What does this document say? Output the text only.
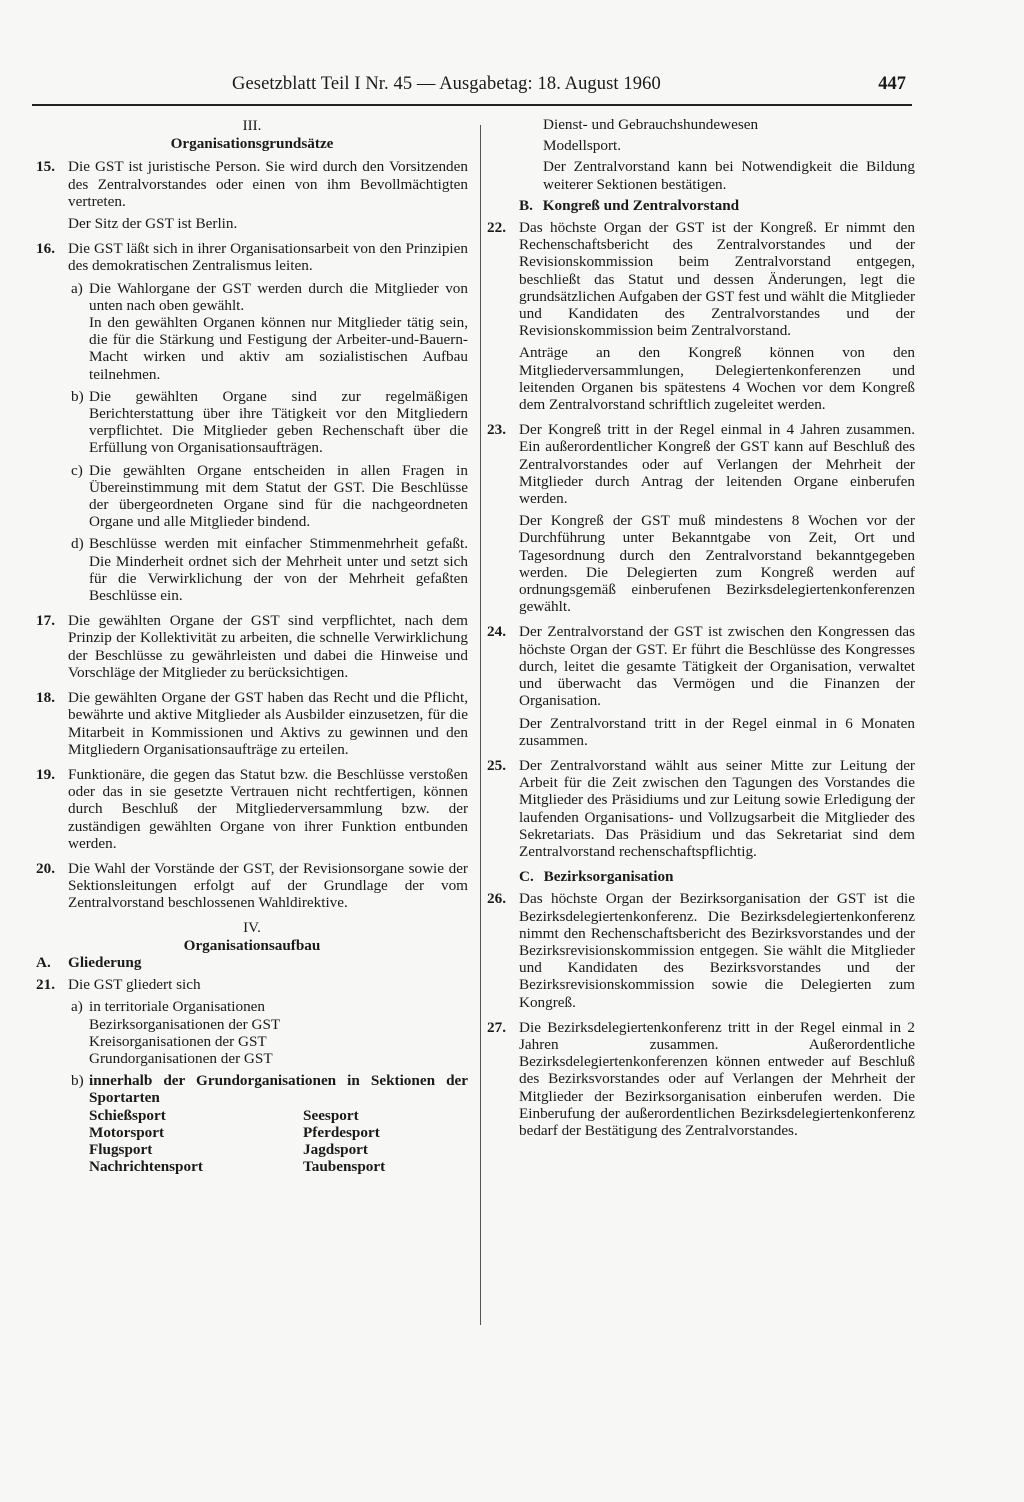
Gesetzblatt Teil I Nr. 45 — Ausgabetag: 18. August 1960	447
III.
Organisationsgrundsätze
15. Die GST ist juristische Person. Sie wird durch den Vorsitzenden des Zentralvorstandes oder einen von ihm Bevollmächtigten vertreten.

Der Sitz der GST ist Berlin.

16. Die GST läßt sich in ihrer Organisationsarbeit von den Prinzipien des demokratischen Zentralismus leiten.

a) Die Wahlorgane der GST werden durch die Mitglieder von unten nach oben gewählt.

In den gewählten Organen können nur Mitglieder tätig sein, die für die Stärkung und Festigung der Arbeiter-und-Bauern-Macht wirken und aktiv am sozialistischen Aufbau teilnehmen.

b) Die gewählten Organe sind zur regelmäßigen Berichterstattung über ihre Tätigkeit vor den Mitgliedern verpflichtet. Die Mitglieder geben Rechenschaft über die Erfüllung von Organisationsaufträgen.

c) Die gewählten Organe entscheiden in allen Fragen in Übereinstimmung mit dem Statut der GST. Die Beschlüsse der übergeordneten Organe sind für die nachgeordneten Organe und alle Mitglieder bindend.

d) Beschlüsse werden mit einfacher Stimmenmehrheit gefaßt. Die Minderheit ordnet sich der Mehrheit unter und setzt sich für die Verwirklichung der von der Mehrheit gefaßten Beschlüsse ein.

17. Die gewählten Organe der GST sind verpflichtet, nach dem Prinzip der Kollektivität zu arbeiten, die schnelle Verwirklichung der Beschlüsse zu gewährleisten und dabei die Hinweise und Vorschläge der Mitglieder zu berücksichtigen.

18. Die gewählten Organe der GST haben das Recht und die Pflicht, bewährte und aktive Mitglieder als Ausbilder einzusetzen, für die Mitarbeit in Kommissionen und Aktivs zu gewinnen und den Mitgliedern Organisationsaufträge zu erteilen.

19. Funktionäre, die gegen das Statut bzw. die Beschlüsse verstoßen oder das in sie gesetzte Vertrauen nicht rechtfertigen, können durch Beschluß der Mitgliederversammlung bzw. der zuständigen gewählten Organe von ihrer Funktion entbunden werden.

20. Die Wahl der Vorstände der GST, der Revisionsorgane sowie der Sektionsleitungen erfolgt auf der Grundlage der vom Zentralvorstand beschlossenen Wahldirektive.

IV.
Organisationsaufbau
A. Gliederung
21. Die GST gliedert sich

a) in territoriale Organisationen

Bezirksorganisationen der GST

Kreisorganisationen der GST

Grundorganisationen der GST

b) innerhalb der Grundorganisationen in Sektionen der Sportarten

Schießsport	Seesport
Motorsport	Pferdesport
Flugsport	Jagdsport
Nachrichtensport	Taubensport

Dienst- und Gebrauchshundewesen

Modellsport.

Der Zentralvorstand kann bei Notwendigkeit die Bildung weiterer Sektionen bestätigen.

B. Kongreß und Zentralvorstand
22. Das höchste Organ der GST ist der Kongreß. Er nimmt den Rechenschaftsbericht des Zentralvorstandes und der Revisionskommission beim Zentralvorstand entgegen, beschließt das Statut und dessen Änderungen, legt die grundsätzlichen Aufgaben der GST fest und wählt die Mitglieder und Kandidaten des Zentralvorstandes und der Revisionskommission beim Zentralvorstand.

Anträge an den Kongreß können von den Mitgliederversammlungen, Delegiertenkonferenzen und leitenden Organen bis spätestens 4 Wochen vor dem Kongreß dem Zentralvorstand schriftlich zugeleitet werden.

23. Der Kongreß tritt in der Regel einmal in 4 Jahren zusammen. Ein außerordentlicher Kongreß der GST kann auf Beschluß des Zentralvorstandes oder auf Verlangen der Mehrheit der Mitglieder durch Antrag der leitenden Organe einberufen werden.

Der Kongreß der GST muß mindestens 8 Wochen vor der Durchführung unter Bekanntgabe von Zeit, Ort und Tagesordnung durch den Zentralvorstand bekanntgegeben werden. Die Delegierten zum Kongreß werden auf ordnungsgemäß einberufenen Bezirksdelegiertenkonferenzen gewählt.

24. Der Zentralvorstand der GST ist zwischen den Kongressen das höchste Organ der GST. Er führt die Beschlüsse des Kongresses durch, leitet die gesamte Tätigkeit der Organisation, verwaltet und überwacht das Vermögen und die Finanzen der Organisation.

Der Zentralvorstand tritt in der Regel einmal in 6 Monaten zusammen.

25. Der Zentralvorstand wählt aus seiner Mitte zur Leitung der Arbeit für die Zeit zwischen den Tagungen des Vorstandes die Mitglieder des Präsidiums und zur Leitung sowie Erledigung der laufenden Organisations- und Vollzugsarbeit die Mitglieder des Sekretariats. Das Präsidium und das Sekretariat sind dem Zentralvorstand rechenschaftspflichtig.

C. Bezirksorganisation
26. Das höchste Organ der Bezirksorganisation der GST ist die Bezirksdelegiertenkonferenz. Die Bezirksdelegiertenkonferenz nimmt den Rechenschaftsbericht des Bezirksvorstandes und der Bezirksrevisionskommission entgegen. Sie wählt die Mitglieder und Kandidaten des Bezirksvorstandes und der Bezirksrevisionskommission sowie die Delegierten zum Kongreß.

27. Die Bezirksdelegiertenkonferenz tritt in der Regel einmal in 2 Jahren zusammen. Außerordentliche Bezirksdelegiertenkonferenzen können entweder auf Beschluß des Bezirksvorstandes oder auf Verlangen der Mehrheit der Mitglieder der Bezirksorganisation einberufen werden. Die Einberufung der außerordentlichen Bezirksdelegiertenkonferenz bedarf der Bestätigung des Zentralvorstandes.
